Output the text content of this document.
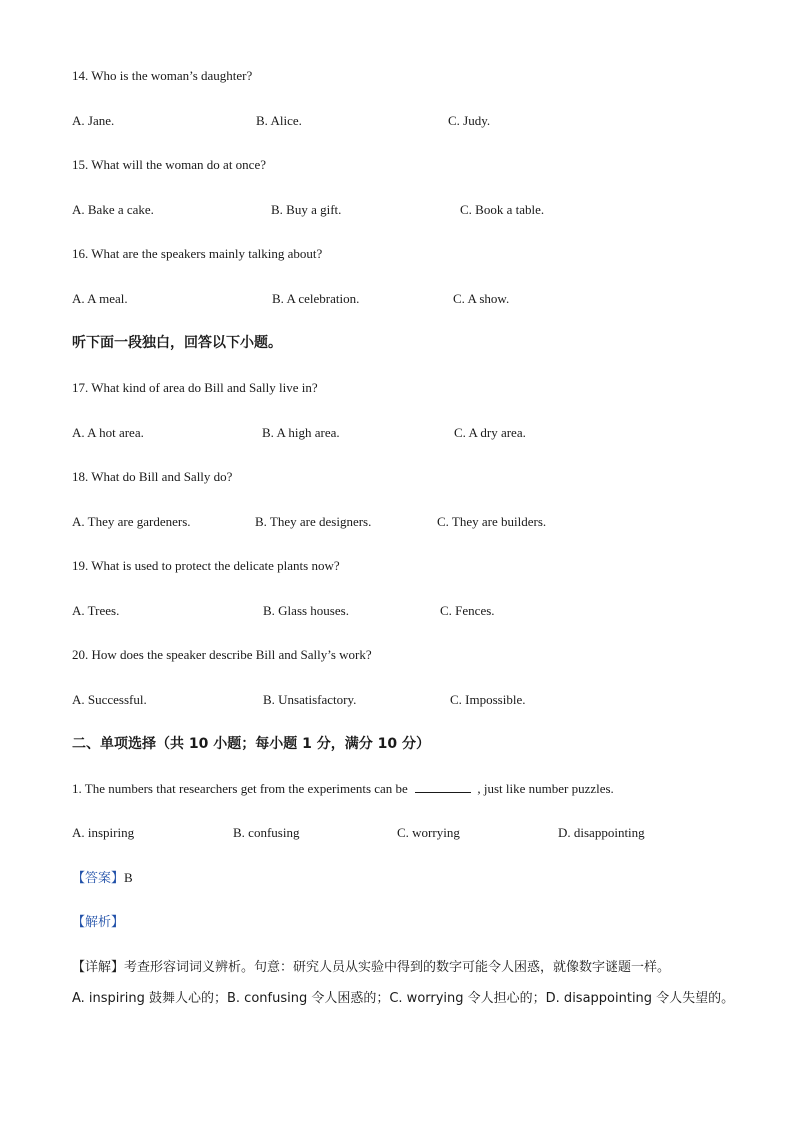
14. Who is the woman’s daughter?
A. Jane.	B. Alice.	C. Judy.
15. What will the woman do at once?
A. Bake a cake.	B. Buy a gift.	C. Book a table.
16. What are the speakers mainly talking about?
A. A meal.	B. A celebration.	C. A show.
听下面一段独白，回答以下小题。
17. What kind of area do Bill and Sally live in?
A. A hot area.	B. A high area.	C. A dry area.
18. What do Bill and Sally do?
A. They are gardeners.	B. They are designers.	C. They are builders.
19. What is used to protect the delicate plants now?
A. Trees.	B. Glass houses.	C. Fences.
20. How does the speaker describe Bill and Sally’s work?
A. Successful.	B. Unsatisfactory.	C. Impossible.
二、单项选择（共 10 小题；每小题 1 分，满分 10 分）
1. The numbers that researchers get from the experiments can be	, just like number puzzles.
A. inspiring	B. confusing	C. worrying	D. disappointing
【答案】B
【解析】
【详解】考查形容词词义辨析。句意：研究人员从实验中得到的数字可能令人困惑，就像数字谜题一样。
A. inspiring 鼓舞人心的；B. confusing 令人困惑的；C. worrying 令人担心的；D. disappointing 令人失望的。
